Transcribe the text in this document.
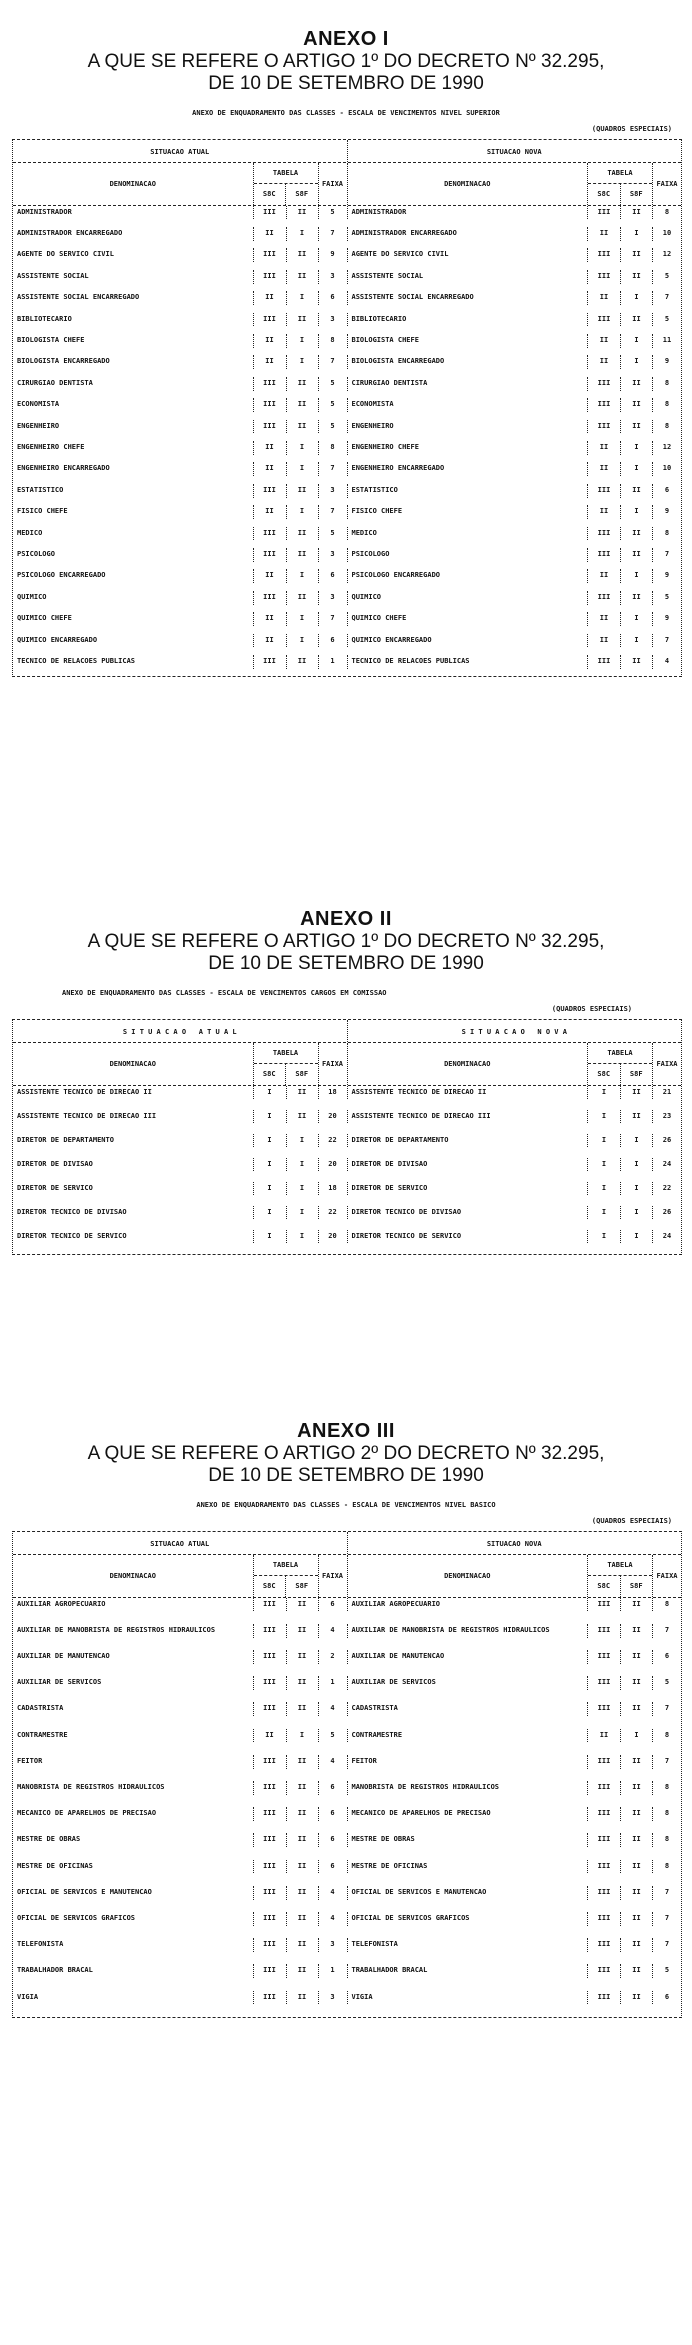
ANEXO I
A QUE SE REFERE O ARTIGO 1º DO DECRETO Nº 32.295,
DE 10 DE SETEMBRO DE 1990
ANEXO DE ENQUADRAMENTO DAS CLASSES - ESCALA DE VENCIMENTOS NIVEL SUPERIOR
(QUADROS ESPECIAIS)
SITUACAO ATUAL	SITUACAO NOVA
DENOMINACAO
TABELA
S8C	S8F
FAIXA	DENOMINACAO
TABELA
S8C	S8F
FAIXA
ADMINISTRADOR	III	II	5	ADMINISTRADOR	III	II	8
ADMINISTRADOR ENCARREGADO	II	I	7	ADMINISTRADOR ENCARREGADO	II	I	10
AGENTE DO SERVICO CIVIL	III	II	9	AGENTE DO SERVICO CIVIL	III	II	12
ASSISTENTE SOCIAL	III	II	3	ASSISTENTE SOCIAL	III	II	5
ASSISTENTE SOCIAL ENCARREGADO	II	I	6	ASSISTENTE SOCIAL ENCARREGADO	II	I	7
BIBLIOTECARIO	III	II	3	BIBLIOTECARIO	III	II	5
BIOLOGISTA CHEFE	II	I	8	BIOLOGISTA CHEFE	II	I	11
BIOLOGISTA ENCARREGADO	II	I	7	BIOLOGISTA ENCARREGADO	II	I	9
CIRURGIAO DENTISTA	III	II	5	CIRURGIAO DENTISTA	III	II	8
ECONOMISTA	III	II	5	ECONOMISTA	III	II	8
ENGENHEIRO	III	II	5	ENGENHEIRO	III	II	8
ENGENHEIRO CHEFE	II	I	8	ENGENHEIRO CHEFE	II	I	12
ENGENHEIRO ENCARREGADO	II	I	7	ENGENHEIRO ENCARREGADO	II	I	10
ESTATISTICO	III	II	3	ESTATISTICO	III	II	6
FISICO CHEFE	II	I	7	FISICO CHEFE	II	I	9
MEDICO	III	II	5	MEDICO	III	II	8
PSICOLOGO	III	II	3	PSICOLOGO	III	II	7
PSICOLOGO ENCARREGADO	II	I	6	PSICOLOGO ENCARREGADO	II	I	9
QUIMICO	III	II	3	QUIMICO	III	II	5
QUIMICO CHEFE	II	I	7	QUIMICO CHEFE	II	I	9
QUIMICO ENCARREGADO	II	I	6	QUIMICO ENCARREGADO	II	I	7
TECNICO DE RELACOES PUBLICAS	III	II	1	TECNICO DE RELACOES PUBLICAS	III	II	4
ANEXO II
A QUE SE REFERE O ARTIGO 1º DO DECRETO Nº 32.295,
DE 10 DE SETEMBRO DE 1990
ANEXO DE ENQUADRAMENTO DAS CLASSES - ESCALA DE VENCIMENTOS CARGOS EM COMISSAO
(QUADROS ESPECIAIS)
S I T U A C A O   A T U A L	S I T U A C A O   N O V A
DENOMINACAO
TABELA
S8C	S8F
FAIXA	DENOMINACAO
TABELA
S8C	S8F
FAIXA
ASSISTENTE TECNICO DE DIRECAO II	I	II	18	ASSISTENTE TECNICO DE DIRECAO II	I	II	21
ASSISTENTE TECNICO DE DIRECAO III	I	II	20	ASSISTENTE TECNICO DE DIRECAO III	I	II	23
DIRETOR DE DEPARTAMENTO	I	I	22	DIRETOR DE DEPARTAMENTO	I	I	26
DIRETOR DE DIVISAO	I	I	20	DIRETOR DE DIVISAO	I	I	24
DIRETOR DE SERVICO	I	I	18	DIRETOR DE SERVICO	I	I	22
DIRETOR TECNICO DE DIVISAO	I	I	22	DIRETOR TECNICO DE DIVISAO	I	I	26
DIRETOR TECNICO DE SERVICO	I	I	20	DIRETOR TECNICO DE SERVICO	I	I	24
ANEXO III
A QUE SE REFERE O ARTIGO 2º DO DECRETO Nº 32.295,
DE 10 DE SETEMBRO DE 1990
ANEXO DE ENQUADRAMENTO DAS CLASSES - ESCALA DE VENCIMENTOS NIVEL BASICO
(QUADROS ESPECIAIS)
SITUACAO ATUAL	SITUACAO NOVA
DENOMINACAO
TABELA
S8C	S8F
FAIXA	DENOMINACAO
TABELA
S8C	S8F
FAIXA
AUXILIAR AGROPECUARIO	III	II	6	AUXILIAR AGROPECUARIO	III	II	8
AUXILIAR DE MANOBRISTA DE REGISTROS HIDRAULICOS	III	II	4	AUXILIAR DE MANOBRISTA DE REGISTROS HIDRAULICOS	III	II	7
AUXILIAR DE MANUTENCAO	III	II	2	AUXILIAR DE MANUTENCAO	III	II	6
AUXILIAR DE SERVICOS	III	II	1	AUXILIAR DE SERVICOS	III	II	5
CADASTRISTA	III	II	4	CADASTRISTA	III	II	7
CONTRAMESTRE	II	I	5	CONTRAMESTRE	II	I	8
FEITOR	III	II	4	FEITOR	III	II	7
MANOBRISTA DE REGISTROS HIDRAULICOS	III	II	6	MANOBRISTA DE REGISTROS HIDRAULICOS	III	II	8
MECANICO DE APARELHOS DE PRECISAO	III	II	6	MECANICO DE APARELHOS DE PRECISAO	III	II	8
MESTRE DE OBRAS	III	II	6	MESTRE DE OBRAS	III	II	8
MESTRE DE OFICINAS	III	II	6	MESTRE DE OFICINAS	III	II	8
OFICIAL DE SERVICOS E MANUTENCAO	III	II	4	OFICIAL DE SERVICOS E MANUTENCAO	III	II	7
OFICIAL DE SERVICOS GRAFICOS	III	II	4	OFICIAL DE SERVICOS GRAFICOS	III	II	7
TELEFONISTA	III	II	3	TELEFONISTA	III	II	7
TRABALHADOR BRACAL	III	II	1	TRABALHADOR BRACAL	III	II	5
VIGIA	III	II	3	VIGIA	III	II	6
